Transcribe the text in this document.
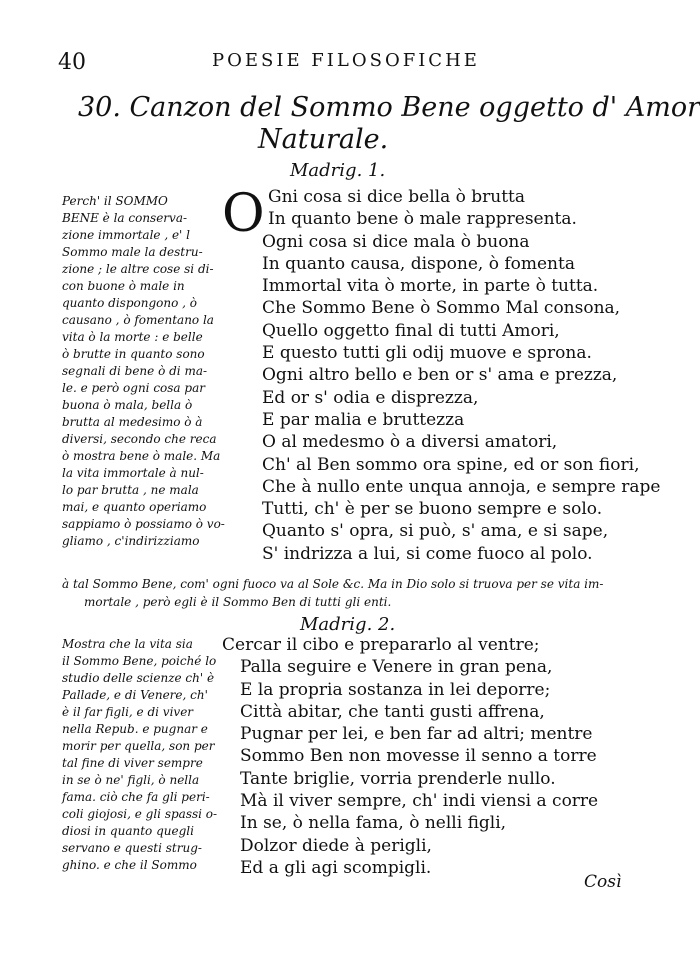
40	POESIE FILOSOFICHE
30. Canzon del Sommo Bene oggetto d' Amor
Naturale.
Madrig. 1.
Perch' il SOMMO
BENE è la conserva-
zione immortale , e' l
Sommo male la destru-
zione ; le altre cose si di-
con buone ò male in
quanto dispongono , ò
causano , ò fomentano la
vita ò la morte : e belle
ò brutte in quanto sono
segnali di bene ò di ma-
le. e però ogni cosa par
buona ò mala, bella ò
brutta al medesimo ò à
diversi, secondo che reca
ò mostra bene ò male. Ma
la vita immortale à nul-
lo par brutta , ne mala
mai, e quanto operiamo
sappiamo ò possiamo ò vo-
gliamo , c'indirizziamo
O Gni cosa si dice bella ò brutta
In quanto bene ò male rappresenta.
Ogni cosa si dice mala ò buona
In quanto causa, dispone, ò fomenta
Immortal vita ò morte, in parte ò tutta.
Che Sommo Bene ò Sommo Mal consona,
Quello oggetto final di tutti Amori,
E questo tutti gli odij muove e sprona.
Ogni altro bello e ben or s' ama e prezza,
Ed or s' odia e disprezza,
E par malia e bruttezza
O al medesmo ò a diversi amatori,
Ch' al Ben sommo ora spine, ed or son fiori,
Che à nullo ente unqua annoja, e sempre rape
Tutti, ch' è per se buono sempre e solo.
Quanto s' opra, si può, s' ama, e si sape,
S' indrizza a lui, si come fuoco al polo.
à tal Sommo Bene, com' ogni fuoco va al Sole &c. Ma in Dio solo si truova per se vita im-
mortale , però egli è il Sommo Ben di tutti gli enti.
Madrig. 2.
Mostra che la vita sia
il Sommo Bene, poiché lo
studio delle scienze ch' è
Pallade, e di Venere, ch'
è il far figli, e di viver
nella Repub. e pugnar e
morir per quella, son per
tal fine di viver sempre
in se ò ne' figli, ò nella
fama. ciò che fa gli peri-
coli giojosi, e gli spassi o-
diosi in quanto quegli
servano e questi strug-
ghino. e che il Sommo
Cercar il cibo e prepararlo al ventre;
Palla seguire e Venere in gran pena,
E la propria sostanza in lei deporre;
Città abitar, che tanti gusti affrena,
Pugnar per lei, e ben far ad altri; mentre
Sommo Ben non movesse il senno a torre
Tante briglie, vorria prenderle nullo.
Mà il viver sempre, ch' indi viensi a corre
In se, ò nella fama, ò nelli figli,
Dolzor diede à perigli,
Ed a gli agi scompigli.
Così
